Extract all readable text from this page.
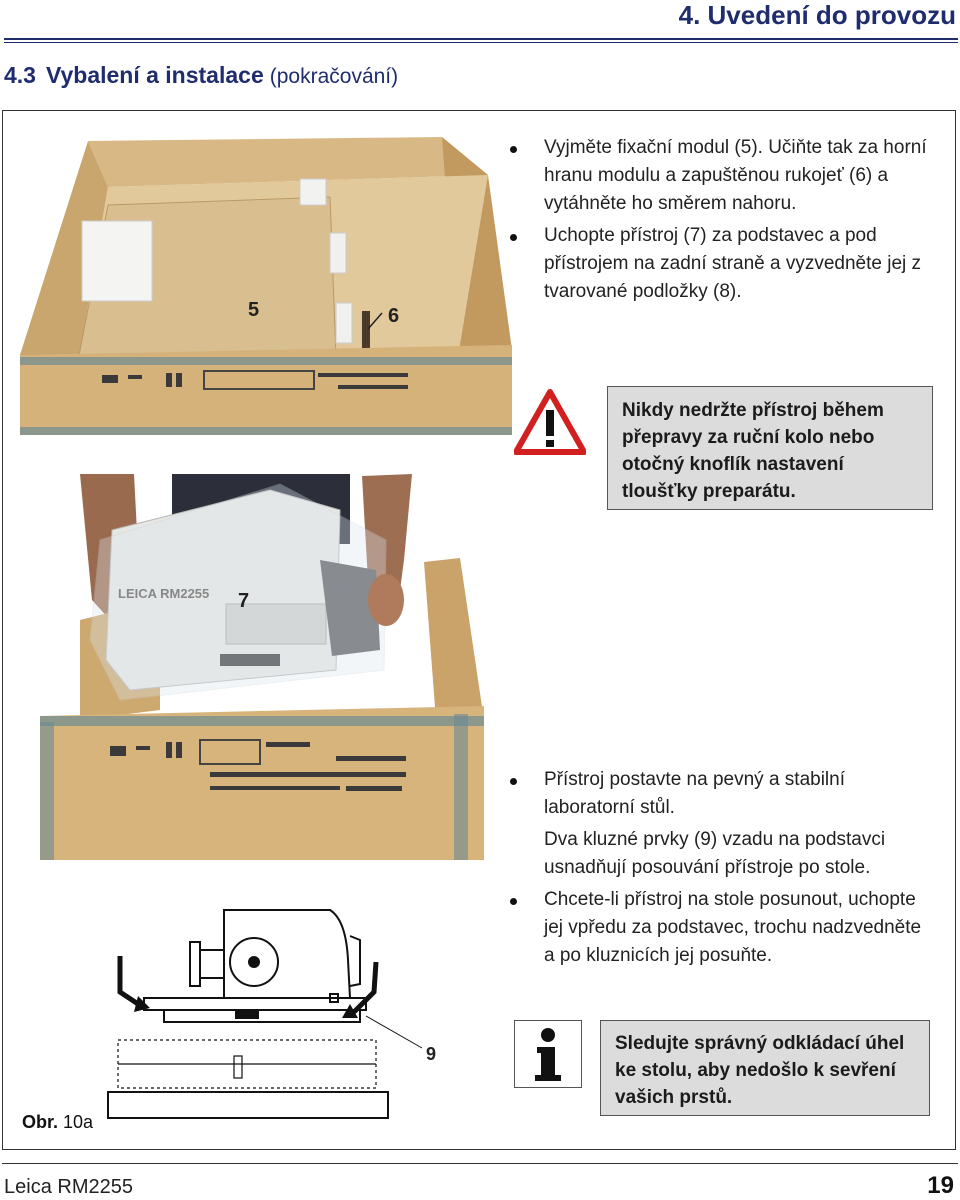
4. Uvedení do provozu
4.3 Vybalení a instalace (pokračování)
5	6
Vyjměte fixační modul (5). Učiňte tak za horní hranu modulu a zapuštěnou rukojeť (6) a vytáhněte ho směrem nahoru.
Uchopte přístroj (7) za podstavec a pod přístrojem na zadní straně a vyzvedněte jej z tvarované podložky (8).
Nikdy nedržte přístroj během přepravy za ruční kolo nebo otočný knoflík nastavení tloušťky preparátu.
LEICA RM2255 7
Přístroj postavte na pevný a stabilní laboratorní stůl.
Dva kluzné prvky (9) vzadu na podstavci usnadňují posouvání přístroje po stole.
Chcete-li přístroj na stole posunout, uchopte jej vpředu za podstavec, trochu nadzvedněte a po kluznicích jej posuňte.
9	Sledujte správný odkládací úhel ke stolu, aby nedošlo k sevření vašich prstů.
Obr. 10a
Leica RM2255	19
